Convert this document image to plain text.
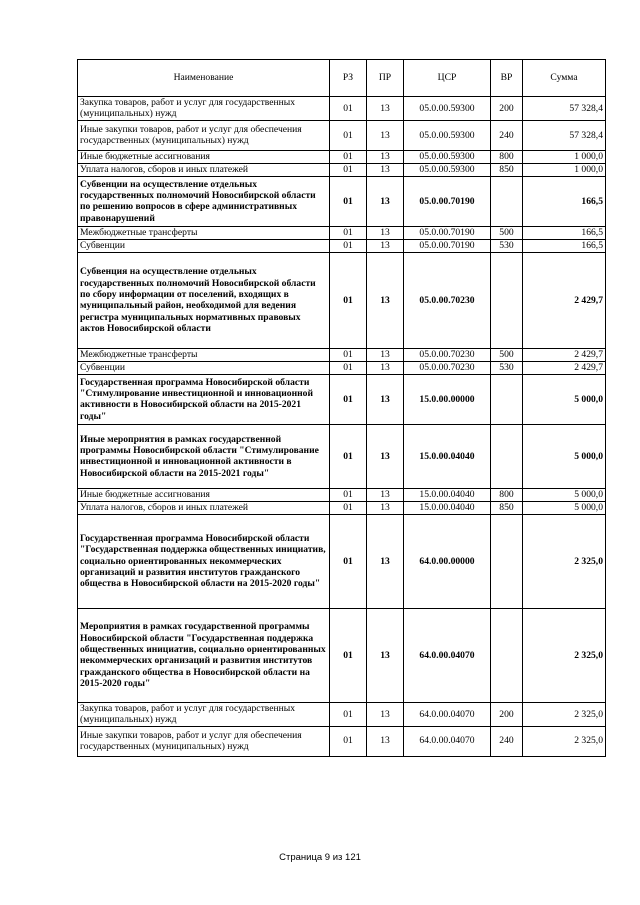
Наименование	РЗ	ПР	ЦСР	ВР	Сумма
Закупка товаров, работ и услуг для государственных (муниципальных) нужд	01	13	05.0.00.59300	200	57 328,4
Иные закупки товаров, работ и услуг для обеспечения государственных (муниципальных) нужд	01	13	05.0.00.59300	240	57 328,4
Иные бюджетные ассигнования	01	13	05.0.00.59300	800	1 000,0
Уплата налогов, сборов и иных платежей	01	13	05.0.00.59300	850	1 000,0
Субвенции на осуществление отдельных государственных полномочий Новосибирской области по решению вопросов в сфере административных правонарушений	01	13	05.0.00.70190		166,5
Межбюджетные трансферты	01	13	05.0.00.70190	500	166,5
Субвенции	01	13	05.0.00.70190	530	166,5
Субвенция на осуществление отдельных государственных полномочий Новосибирской области по сбору информации от поселений, входящих в муниципальный район, необходимой для ведения регистра муниципальных нормативных правовых актов Новосибирской области	01	13	05.0.00.70230		2 429,7
Межбюджетные трансферты	01	13	05.0.00.70230	500	2 429,7
Субвенции	01	13	05.0.00.70230	530	2 429,7
Государственная программа Новосибирской области "Стимулирование инвестиционной и инновационной активности в Новосибирской области на 2015-2021 годы"	01	13	15.0.00.00000		5 000,0
Иные мероприятия в рамках государственной программы Новосибирской области "Стимулирование инвестиционной и инновационной активности в Новосибирской области на 2015-2021 годы"	01	13	15.0.00.04040		5 000,0
Иные бюджетные ассигнования	01	13	15.0.00.04040	800	5 000,0
Уплата налогов, сборов и иных платежей	01	13	15.0.00.04040	850	5 000,0
Государственная программа Новосибирской области "Государственная поддержка общественных инициатив, социально ориентированных некоммерческих организаций и развития институтов гражданского общества в Новосибирской области на 2015-2020 годы"	01	13	64.0.00.00000		2 325,0
Мероприятия в рамках государственной программы Новосибирской области "Государственная поддержка общественных инициатив, социально ориентированных некоммерческих организаций и развития институтов гражданского общества в Новосибирской области на 2015-2020 годы"	01	13	64.0.00.04070		2 325,0
Закупка товаров, работ и услуг для государственных (муниципальных) нужд	01	13	64.0.00.04070	200	2 325,0
Иные закупки товаров, работ и услуг для обеспечения государственных (муниципальных) нужд	01	13	64.0.00.04070	240	2 325,0
Страница 9 из 121
